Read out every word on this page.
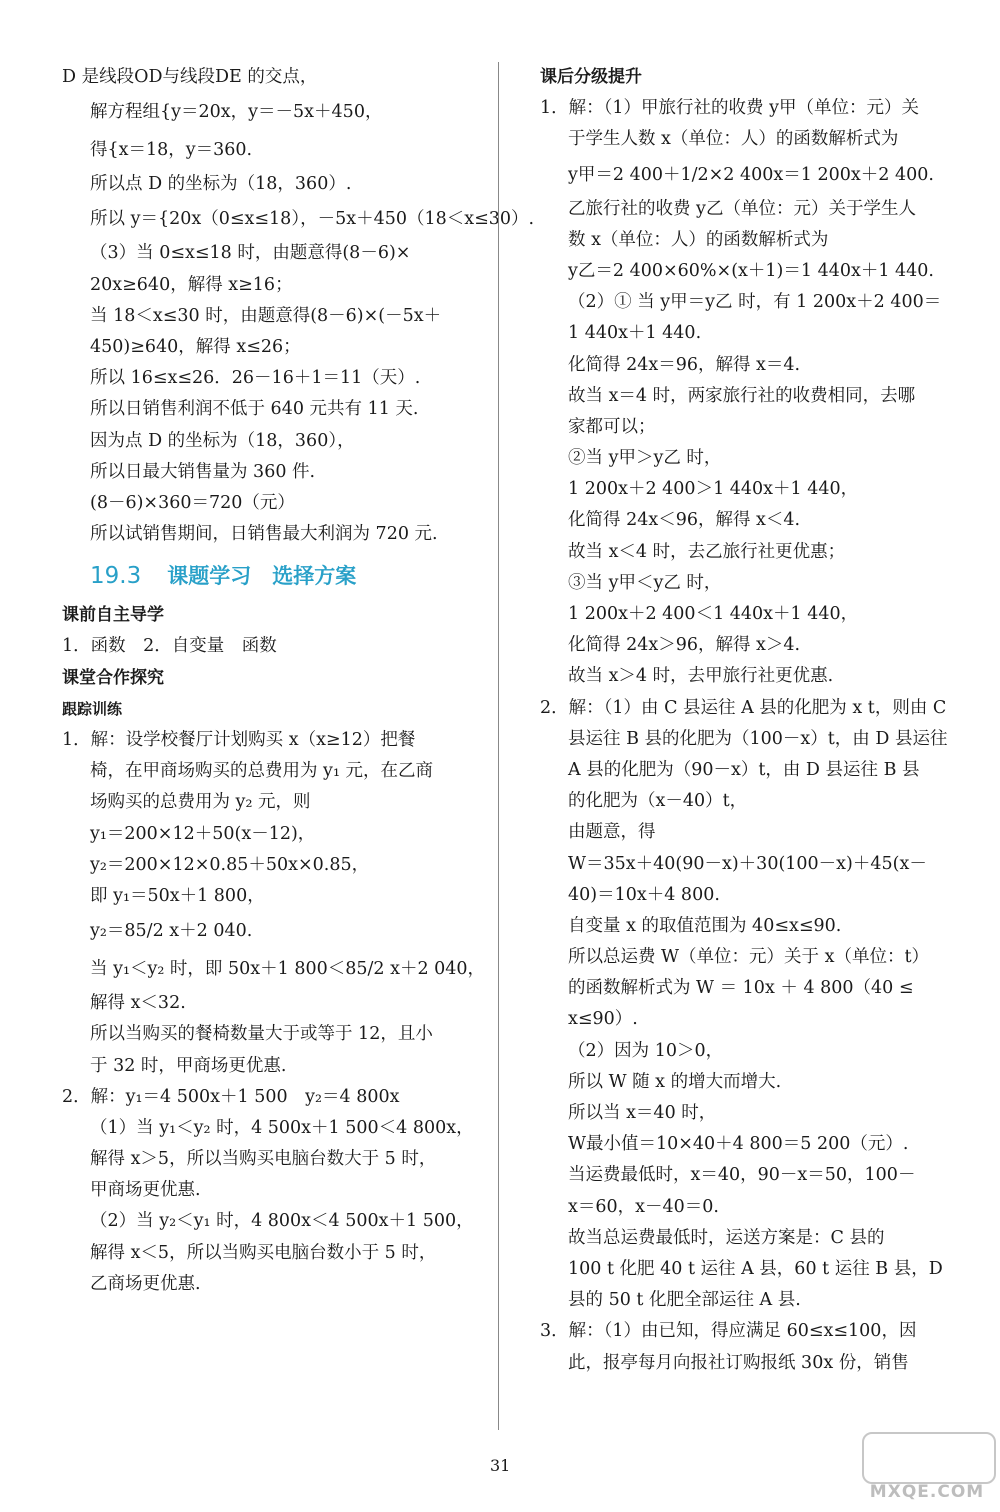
D 是线段OD与线段DE 的交点，
解方程组{y＝20x，y＝－5x＋450，
得{x＝18，y＝360.
所以点 D 的坐标为（18，360）.
所以 y＝{20x（0≤x≤18），－5x＋450（18＜x≤30）.
（3）当 0≤x≤18 时，由题意得(8－6)×
20x≥640，解得 x≥16；
当 18＜x≤30 时，由题意得(8－6)×(－5x＋
450)≥640，解得 x≤26；
所以 16≤x≤26．26－16＋1＝11（天）.
所以日销售利润不低于 640 元共有 11 天.
因为点 D 的坐标为（18，360），
所以日最大销售量为 360 件.
(8－6)×360＝720（元）
所以试销售期间，日销售最大利润为 720 元.
19.3 课题学习　选择方案
课前自主导学
1．函数　2．自变量　函数
课堂合作探究
跟踪训练
1．解：设学校餐厅计划购买 x（x≥12）把餐
椅，在甲商场购买的总费用为 y₁ 元，在乙商
场购买的总费用为 y₂ 元，则
y₁＝200×12＋50(x－12)，
y₂＝200×12×0.85＋50x×0.85，
即 y₁＝50x＋1 800，
y₂＝85/2 x＋2 040.
当 y₁＜y₂ 时，即 50x＋1 800＜85/2 x＋2 040，
解得 x＜32.
所以当购买的餐椅数量大于或等于 12，且小
于 32 时，甲商场更优惠.
2．解：y₁＝4 500x＋1 500　y₂＝4 800x
（1）当 y₁＜y₂ 时，4 500x＋1 500＜4 800x，
解得 x＞5，所以当购买电脑台数大于 5 时，
甲商场更优惠.
（2）当 y₂＜y₁ 时，4 800x＜4 500x＋1 500，
解得 x＜5，所以当购买电脑台数小于 5 时，
乙商场更优惠.
课后分级提升
1．解：（1）甲旅行社的收费 y甲（单位：元）关
于学生人数 x（单位：人）的函数解析式为
y甲＝2 400＋1/2×2 400x＝1 200x＋2 400.
乙旅行社的收费 y乙（单位：元）关于学生人
数 x（单位：人）的函数解析式为
y乙＝2 400×60%×(x＋1)＝1 440x＋1 440.
（2）① 当 y甲＝y乙 时，有 1 200x＋2 400＝
1 440x＋1 440.
化简得 24x＝96，解得 x＝4.
故当 x＝4 时，两家旅行社的收费相同，去哪
家都可以；
②当 y甲＞y乙 时，
1 200x＋2 400＞1 440x＋1 440，
化简得 24x＜96，解得 x＜4.
故当 x＜4 时，去乙旅行社更优惠；
③当 y甲＜y乙 时，
1 200x＋2 400＜1 440x＋1 440，
化简得 24x＞96，解得 x＞4.
故当 x＞4 时，去甲旅行社更优惠.
2．解：（1）由 C 县运往 A 县的化肥为 x t，则由 C
县运往 B 县的化肥为（100－x）t，由 D 县运往
A 县的化肥为（90－x）t，由 D 县运往 B 县
的化肥为（x－40）t，
由题意，得
W＝35x＋40(90－x)＋30(100－x)＋45(x－
40)＝10x＋4 800.
自变量 x 的取值范围为 40≤x≤90.
所以总运费 W（单位：元）关于 x（单位：t）
的函数解析式为 W ＝ 10x ＋ 4 800（40 ≤
x≤90）.
（2）因为 10＞0，
所以 W 随 x 的增大而增大.
所以当 x＝40 时，
W最小值＝10×40＋4 800＝5 200（元）.
当运费最低时，x＝40，90－x＝50，100－
x＝60，x－40＝0.
故当总运费最低时，运送方案是：C 县的
100 t 化肥 40 t 运往 A 县，60 t 运往 B 县，D
县的 50 t 化肥全部运往 A 县.
3．解：（1）由已知，得应满足 60≤x≤100，因
此，报亭每月向报社订购报纸 30x 份，销售
31
MXQE.COM
